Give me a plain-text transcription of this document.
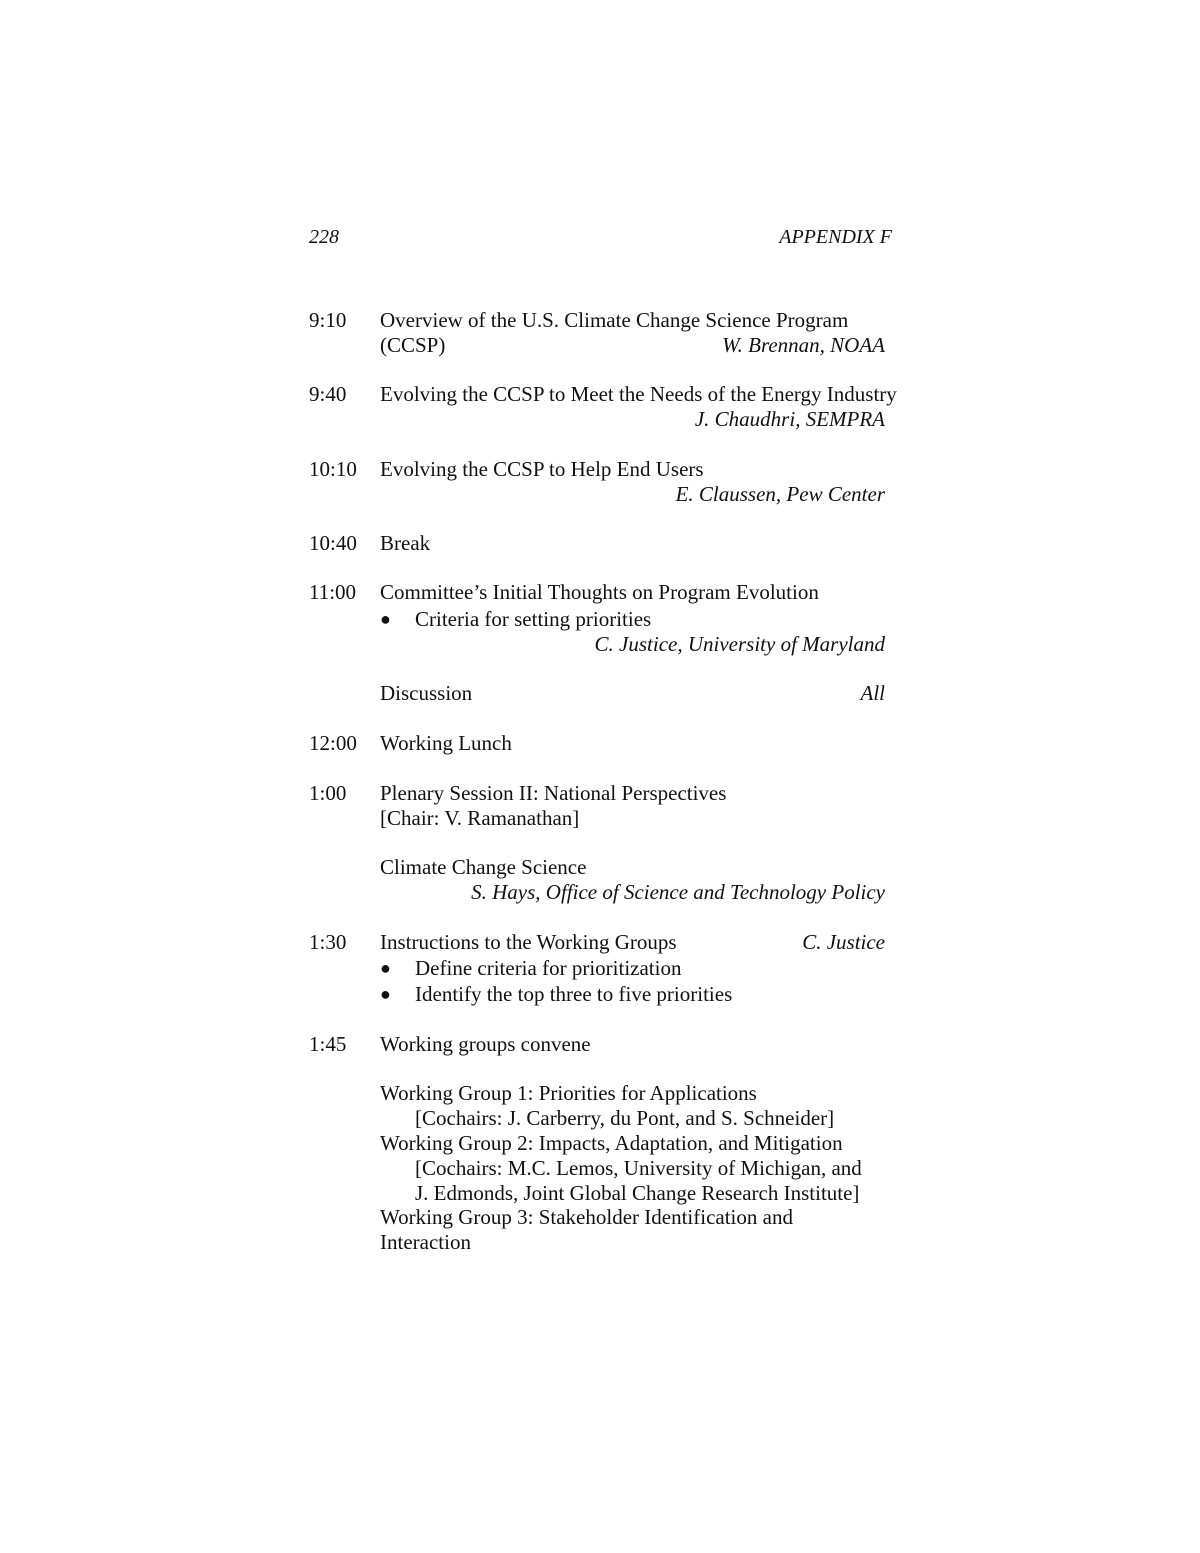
228	APPENDIX F
9:10 Overview of the U.S. Climate Change Science Program
(CCSP)	W. Brennan, NOAA
9:40 Evolving the CCSP to Meet the Needs of the Energy Industry
J. Chaudhri, SEMPRA
10:10 Evolving the CCSP to Help End Users
E. Claussen, Pew Center
10:40 Break
11:00 Committee’s Initial Thoughts on Program Evolution
● Criteria for setting priorities
C. Justice, University of Maryland
Discussion	All
12:00 Working Lunch
1:00 Plenary Session II: National Perspectives
[Chair: V. Ramanathan]
Climate Change Science
S. Hays, Office of Science and Technology Policy
1:30 Instructions to the Working Groups	C. Justice
● Define criteria for prioritization
● Identify the top three to five priorities
1:45 Working groups convene
Working Group 1: Priorities for Applications
[Cochairs: J. Carberry, du Pont, and S. Schneider]
Working Group 2: Impacts, Adaptation, and Mitigation
[Cochairs: M.C. Lemos, University of Michigan, and
J. Edmonds, Joint Global Change Research Institute]
Working Group 3: Stakeholder Identification and
Interaction
